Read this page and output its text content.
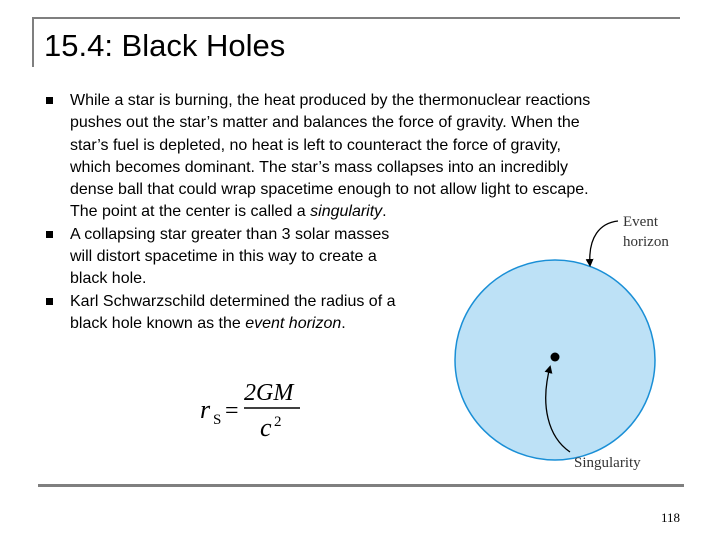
15.4: Black Holes
While a star is burning, the heat produced by the thermonuclear reactions
pushes out the star’s matter and balances the force of gravity. When the
star’s fuel is depleted, no heat is left to counteract the force of gravity,
which becomes dominant. The star’s mass collapses into an incredibly
dense ball that could wrap spacetime enough to not allow light to escape.
The point at the center is called a singularity.
A collapsing star greater than 3 solar masses
will distort spacetime in this way to create a
black hole.
Karl Schwarzschild determined the radius of a
black hole known as the event horizon.
r S =
2GM
c 2
Event
horizon
Singularity
118
